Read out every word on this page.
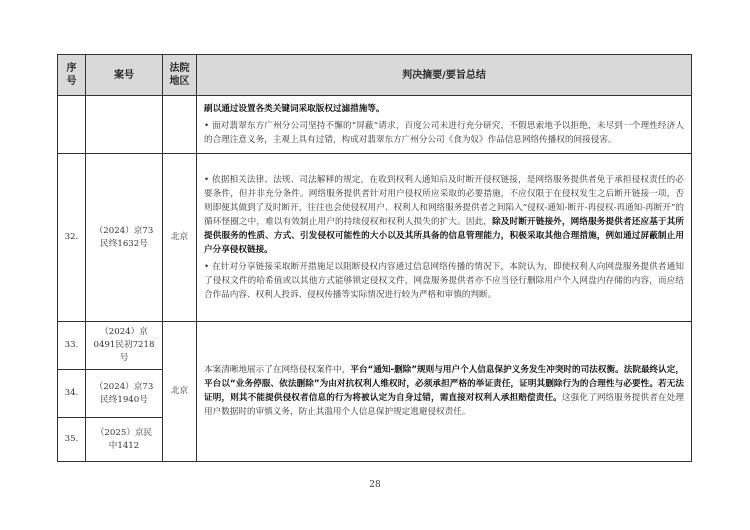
序号	案号	法院地区	判决摘要/要旨总结

			刷以通过设置各类关键词采取版权过滤措施等。

• 面对翡翠东方广州分公司坚持不懈的“屏蔽”请求，百度公司未进行充分研究，不假思索地予以拒绝，未尽到一个理性经济人的合理注意义务，主观上具有过错，构成对翡翠东方广州分公司《食为奴》作品信息网络传播权的间接侵害。

32.	（2024）京73民终1632号	北京	• 依据相关法律、法规、司法解释的规定，在收到权利人通知后及时断开侵权链接，是网络服务提供者免于承担侵权责任的必要条件，但并非充分条件。网络服务提供者针对用户侵权所应采取的必要措施，不应仅限于在侵权发生之后断开链接一项，否则即便其做到了及时断开，往往也会使侵权用户、权利人和网络服务提供者之间陷入“侵权-通知-断开-再侵权-再通知-再断开”的循环怪圈之中，难以有效制止用户的持续侵权和权利人损失的扩大。因此，除及时断开链接外，网络服务提供者还应基于其所提供服务的性质、方式、引发侵权可能性的大小以及其所具备的信息管理能力，积极采取其他合理措施，例如通过屏蔽制止用户分享侵权链接。

• 在针对分享链接采取断开措施足以阻断侵权内容通过信息网络传播的情况下，本院认为，即使权利人向网盘服务提供者通知了侵权文件的哈希值或以其他方式能够锁定侵权文件，网盘服务提供者亦不应当径行删除用户个人网盘内存储的内容，而应结合作品内容、权利人投诉、侵权传播等实际情况进行较为严格和审慎的判断。

33.	（2024）京0491民初7218号	北京	本案清晰地展示了在网络侵权案件中，平台“通知-删除”规则与用户个人信息保护义务发生冲突时的司法权衡。法院最终认定，平台以“业务停服、依法删除”为由对抗权利人维权时，必须承担严格的举证责任，证明其删除行为的合理性与必要性。若无法证明，则其不能提供侵权者信息的行为将被认定为自身过错，需直接对权利人承担赔偿责任。这强化了网络服务提供者在处理用户数据时的审慎义务，防止其滥用个人信息保护规定逃避侵权责任。

34.	（2024）京73民终1940号		
35.	（2025）京民中1412		
28
